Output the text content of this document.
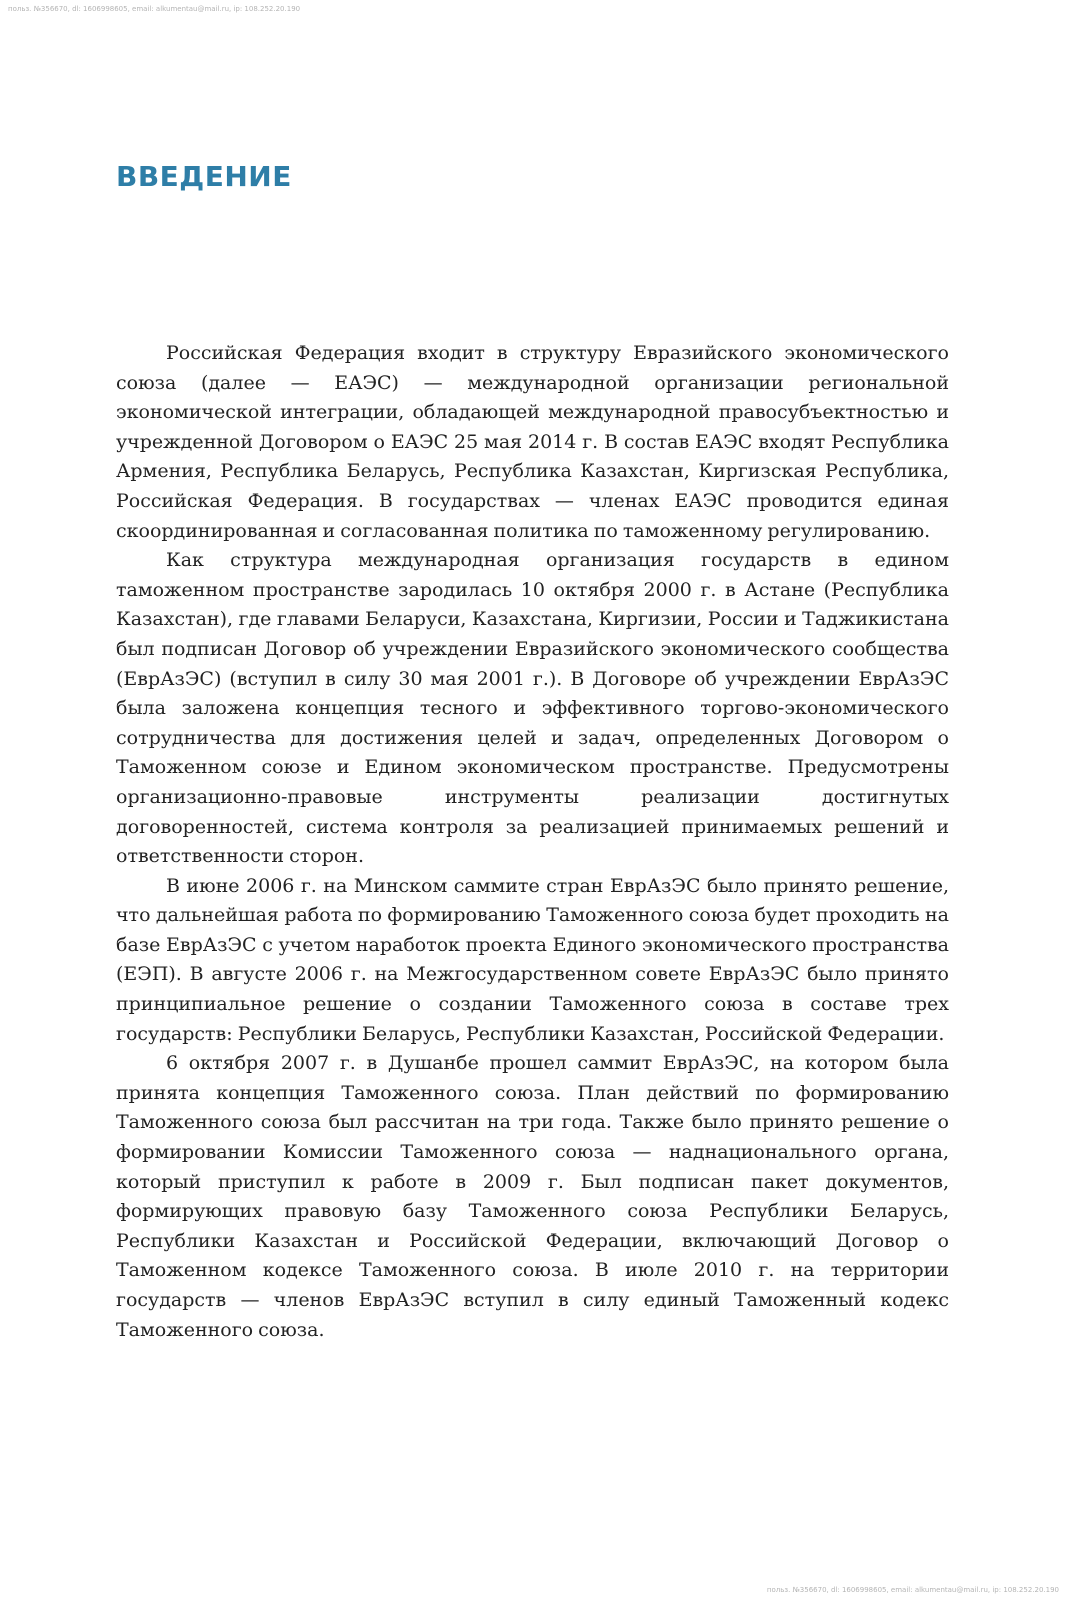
польз. №356670, dl: 1606998605, email: alkumentau@mail.ru, ip: 108.252.20.190
ВВЕДЕНИЕ

Российская Федерация входит в структуру Евразийского экономического союза (далее — ЕАЭС) — международной организации региональной экономической интеграции, обладающей международной правосубъектностью и учрежденной Договором о ЕАЭС 25 мая 2014 г. В состав ЕАЭС входят Республика Армения, Республика Беларусь, Республика Казахстан, Киргизская Республика, Российская Федерация. В государствах — членах ЕАЭС проводится единая скоординированная и согласованная политика по таможенному регулированию.

Как структура международная организация государств в едином таможенном пространстве зародилась 10 октября 2000 г. в Астане (Республика Казахстан), где главами Беларуси, Казахстана, Киргизии, России и Таджикистана был подписан Договор об учреждении Евразийского экономического сообщества (ЕврАзЭС) (вступил в силу 30 мая 2001 г.). В Договоре об учреждении ЕврАзЭС была заложена концепция тесного и эффективного торгово-экономического сотрудничества для достижения целей и задач, определенных Договором о Таможенном союзе и Едином экономическом пространстве. Предусмотрены организационно-правовые инструменты реализации достигнутых договоренностей, система контроля за реализацией принимаемых решений и ответственности сторон.

В июне 2006 г. на Минском саммите стран ЕврАзЭС было принято решение, что дальнейшая работа по формированию Таможенного союза будет проходить на базе ЕврАзЭС с учетом наработок проекта Единого экономического пространства (ЕЭП). В августе 2006 г. на Межгосударственном совете ЕврАзЭС было принято принципиальное решение о создании Таможенного союза в составе трех государств: Республики Беларусь, Республики Казахстан, Российской Федерации.

6 октября 2007 г. в Душанбе прошел саммит ЕврАзЭС, на котором была принята концепция Таможенного союза. План действий по формированию Таможенного союза был рассчитан на три года. Также было принято решение о формировании Комиссии Таможенного союза — наднационального органа, который приступил к работе в 2009 г. Был подписан пакет документов, формирующих правовую базу Таможенного союза Республики Беларусь, Республики Казахстан и Российской Федерации, включающий Договор о Таможенном кодексе Таможенного союза. В июле 2010 г. на территории государств — членов ЕврАзЭС вступил в силу единый Таможенный кодекс Таможенного союза.

польз. №356670, dl: 1606998605, email: alkumentau@mail.ru, ip: 108.252.20.190
